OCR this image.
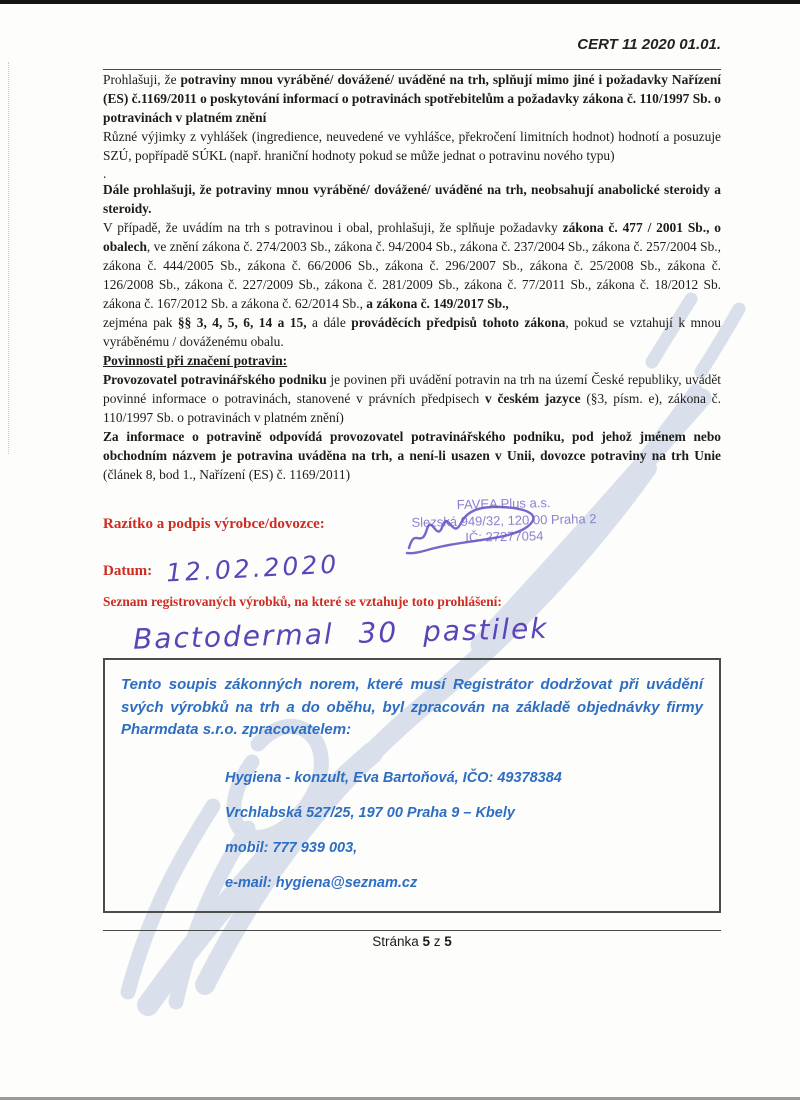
CERT 11 2020 01.01.

Prohlašuji, že potraviny mnou vyráběné/ dovážené/ uváděné na trh, splňují mimo jiné i požadavky Nařízení (ES) č.1169/2011 o poskytování informací o potravinách spotřebitelům a požadavky zákona č. 110/1997 Sb. o potravinách v platném znění

Různé výjimky z vyhlášek (ingredience, neuvedené ve vyhlášce, překročení limitních hodnot) hodnotí a posuzuje SZÚ, popřípadě SÚKL (např. hraniční hodnoty pokud se může jednat o potravinu nového typu)

.

Dále prohlašuji, že potraviny mnou vyráběné/ dovážené/ uváděné na trh, neobsahují anabolické steroidy a steroidy.

V případě, že uvádím na trh s potravinou i obal, prohlašuji, že splňuje požadavky zákona č. 477 / 2001 Sb., o obalech, ve znění zákona č. 274/2003 Sb., zákona č. 94/2004 Sb., zákona č. 237/2004 Sb., zákona č. 257/2004 Sb., zákona č. 444/2005 Sb., zákona č. 66/2006 Sb., zákona č. 296/2007 Sb., zákona č. 25/2008 Sb., zákona č. 126/2008 Sb., zákona č. 227/2009 Sb., zákona č. 281/2009 Sb., zákona č. 77/2011 Sb., zákona č. 18/2012 Sb. zákona č. 167/2012 Sb. a zákona č. 62/2014 Sb., a zákona č. 149/2017 Sb.,

zejména pak §§ 3, 4, 5, 6, 14 a 15, a dále prováděcích předpisů tohoto zákona, pokud se vztahují k mnou vyráběnému / dováženému obalu.

Povinnosti při značení potravin:

Provozovatel potravinářského podniku je povinen při uvádění potravin na trh na území České republiky, uvádět povinné informace o potravinách, stanovené v právních předpisech v českém jazyce (§3, písm. e), zákona č. 110/1997 Sb. o potravinách v platném znění)

Za informace o potravině odpovídá provozovatel potravinářského podniku, pod jehož jménem nebo obchodním názvem je potravina uváděna na trh, a není-li usazen v Unii, dovozce potraviny na trh Unie (článek 8, bod 1., Nařízení (ES) č. 1169/2011)

Razítko a podpis výrobce/dovozce:
FAVEA Plus a.s.
Slezská 949/32, 120 00 Praha 2
IČ: 27277054
Datum: 12.02.2020

Seznam registrovaných výrobků, na které se vztahuje toto prohlášení:

Bactodermal 30 pastilek

Tento soupis zákonných norem, které musí Registrátor dodržovat při uvádění svých výrobků na trh a do oběhu, byl zpracován na základě objednávky firmy Pharmdata s.r.o. zpracovatelem:

Hygiena - konzult, Eva Bartoňová, IČO: 49378384
Vrchlabská 527/25, 197 00 Praha 9 – Kbely
mobil: 777 939 003,
e-mail: hygiena@seznam.cz
Stránka 5 z 5
